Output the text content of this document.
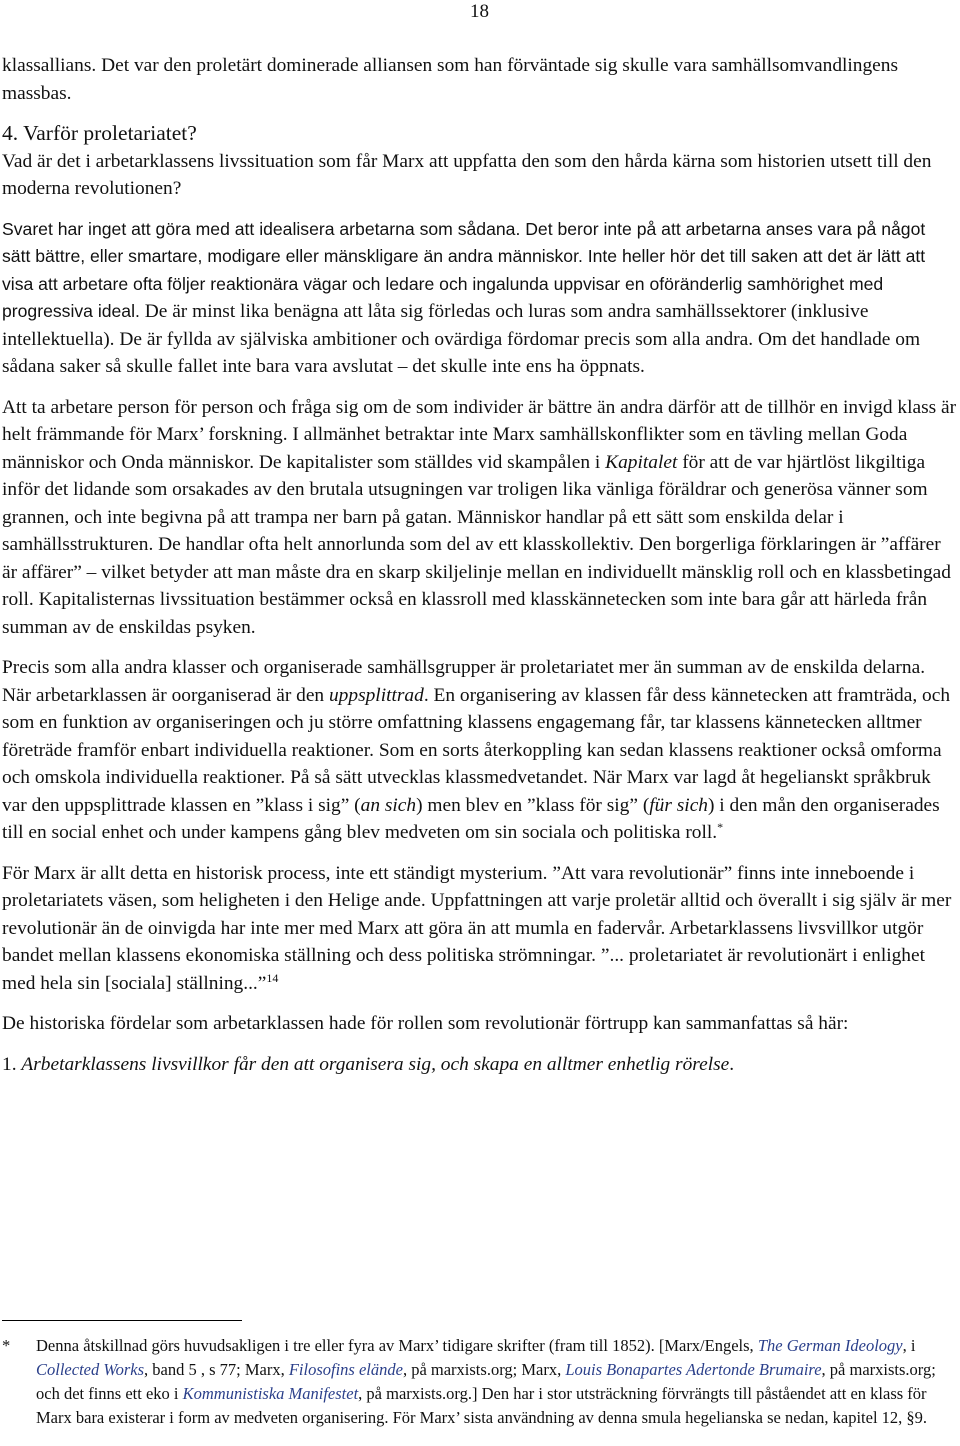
18

klassallians. Det var den proletärt dominerade alliansen som han förväntade sig skulle vara samhällsomvandlingens massbas.

4. Varför proletariatet?

Vad är det i arbetarklassens livssituation som får Marx att uppfatta den som den hårda kärna som historien utsett till den moderna revolutionen?

Svaret har inget att göra med att idealisera arbetarna som sådana. Det beror inte på att arbetarna anses vara på något sätt bättre, eller smartare, modigare eller mänskligare än andra människor. Inte heller hör det till saken att det är lätt att visa att arbetare ofta följer reaktionära vägar och ledare och ingalunda uppvisar en oföränderlig samhörighet med progressiva ideal. De är minst lika benägna att låta sig förledas och luras som andra samhällssektorer (inklusive intellektuella). De är fyllda av själviska ambitioner och ovärdiga fördomar precis som alla andra. Om det handlade om sådana saker så skulle fallet inte bara vara avslutat – det skulle inte ens ha öppnats.

Att ta arbetare person för person och fråga sig om de som individer är bättre än andra därför att de tillhör en invigd klass är helt främmande för Marx’ forskning. I allmänhet betraktar inte Marx samhällskonflikter som en tävling mellan Goda människor och Onda människor. De kapitalister som ställdes vid skampålen i Kapitalet för att de var hjärtlöst likgiltiga inför det lidande som orsakades av den brutala utsugningen var troligen lika vänliga föräldrar och generösa vänner som grannen, och inte begivna på att trampa ner barn på gatan. Människor handlar på ett sätt som enskilda delar i samhällsstrukturen. De handlar ofta helt annorlunda som del av ett klasskollektiv. Den borgerliga förklaringen är ”affärer är affärer” – vilket betyder att man måste dra en skarp skiljelinje mellan en individuellt mänsklig roll och en klassbetingad roll. Kapitalisternas livssituation bestämmer också en klassroll med klasskännetecken som inte bara går att härleda från summan av de enskildas psyken.

Precis som alla andra klasser och organiserade samhällsgrupper är proletariatet mer än summan av de enskilda delarna. När arbetarklassen är oorganiserad är den uppsplittrad. En organisering av klassen får dess kännetecken att framträda, och som en funktion av organiseringen och ju större omfattning klassens engagemang får, tar klassens kännetecken alltmer företräde framför enbart individuella reaktioner. Som en sorts återkoppling kan sedan klassens reaktioner också omforma och omskola individuella reaktioner. På så sätt utvecklas klassmedvetandet. När Marx var lagd åt hegelianskt språkbruk var den uppsplittrade klassen en ”klass i sig” (an sich) men blev en ”klass för sig” (für sich) i den mån den organiserades till en social enhet och under kampens gång blev medveten om sin sociala och politiska roll.*

För Marx är allt detta en historisk process, inte ett ständigt mysterium. ”Att vara revolutionär” finns inte inneboende i proletariatets väsen, som heligheten i den Helige ande. Uppfattningen att varje proletär alltid och överallt i sig själv är mer revolutionär än de oinvigda har inte mer med Marx att göra än att mumla en fadervår. Arbetarklassens livsvillkor utgör bandet mellan klassens ekonomiska ställning och dess politiska strömningar. ”... proletariatet är revolutionärt i enlighet med hela sin [sociala] ställning...”$^{14}$

De historiska fördelar som arbetarklassen hade för rollen som revolutionär förtrupp kan sammanfattas så här:

1. Arbetarklassens livsvillkor får den att organisera sig, och skapa en alltmer enhetlig rörelse.

* Denna åtskillnad görs huvudsakligen i tre eller fyra av Marx’ tidigare skrifter (fram till 1852). [Marx/Engels, The German Ideology, i Collected Works, band 5 , s 77; Marx, Filosofins elände, på marxists.org; Marx, Louis Bonapartes Adertonde Brumaire, på marxists.org; och det finns ett eko i Kommunistiska Manifestet, på marxists.org.] Den har i stor utsträckning förvrängts till påståendet att en klass för Marx bara existerar i form av medveten organisering. För Marx’ sista användning av denna smula hegelianska se nedan, kapitel 12, §9.
